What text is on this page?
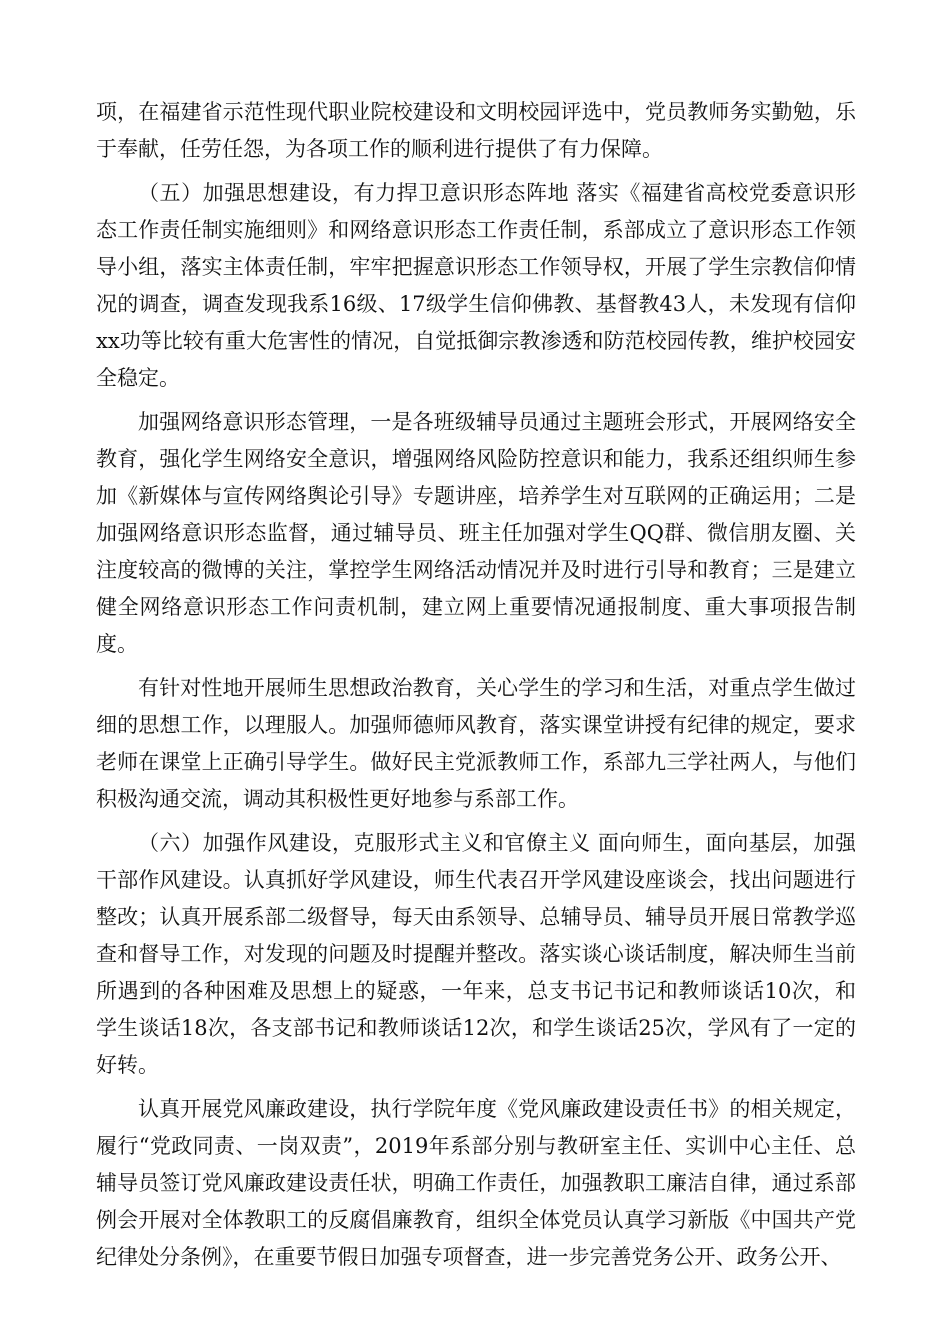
项，在福建省示范性现代职业院校建设和文明校园评选中，党员教师务实勤勉，乐于奉献，任劳任怨，为各项工作的顺利进行提供了有力保障。

（五）加强思想建设，有力捍卫意识形态阵地 落实《福建省高校党委意识形态工作责任制实施细则》和网络意识形态工作责任制，系部成立了意识形态工作领导小组，落实主体责任制，牢牢把握意识形态工作领导权，开展了学生宗教信仰情况的调查，调查发现我系16级、17级学生信仰佛教、基督教43人，未发现有信仰xx功等比较有重大危害性的情况，自觉抵御宗教渗透和防范校园传教，维护校园安全稳定。

加强网络意识形态管理，一是各班级辅导员通过主题班会形式，开展网络安全教育，强化学生网络安全意识，增强网络风险防控意识和能力，我系还组织师生参加《新媒体与宣传网络舆论引导》专题讲座，培养学生对互联网的正确运用；二是加强网络意识形态监督，通过辅导员、班主任加强对学生QQ群、微信朋友圈、关注度较高的微博的关注，掌控学生网络活动情况并及时进行引导和教育；三是建立健全网络意识形态工作问责机制，建立网上重要情况通报制度、重大事项报告制度。

有针对性地开展师生思想政治教育，关心学生的学习和生活，对重点学生做过细的思想工作，以理服人。加强师德师风教育，落实课堂讲授有纪律的规定，要求老师在课堂上正确引导学生。做好民主党派教师工作，系部九三学社两人，与他们积极沟通交流，调动其积极性更好地参与系部工作。

（六）加强作风建设，克服形式主义和官僚主义 面向师生，面向基层，加强干部作风建设。认真抓好学风建设，师生代表召开学风建设座谈会，找出问题进行整改；认真开展系部二级督导，每天由系领导、总辅导员、辅导员开展日常教学巡查和督导工作，对发现的问题及时提醒并整改。落实谈心谈话制度，解决师生当前所遇到的各种困难及思想上的疑惑，一年来，总支书记书记和教师谈话10次，和学生谈话18次，各支部书记和教师谈话12次，和学生谈话25次，学风有了一定的好转。

认真开展党风廉政建设，执行学院年度《党风廉政建设责任书》的相关规定，履行“党政同责、一岗双责”，2019年系部分别与教研室主任、实训中心主任、总辅导员签订党风廉政建设责任状，明确工作责任，加强教职工廉洁自律，通过系部例会开展对全体教职工的反腐倡廉教育，组织全体党员认真学习新版《中国共产党纪律处分条例》，在重要节假日加强专项督查，进一步完善党务公开、政务公开、
